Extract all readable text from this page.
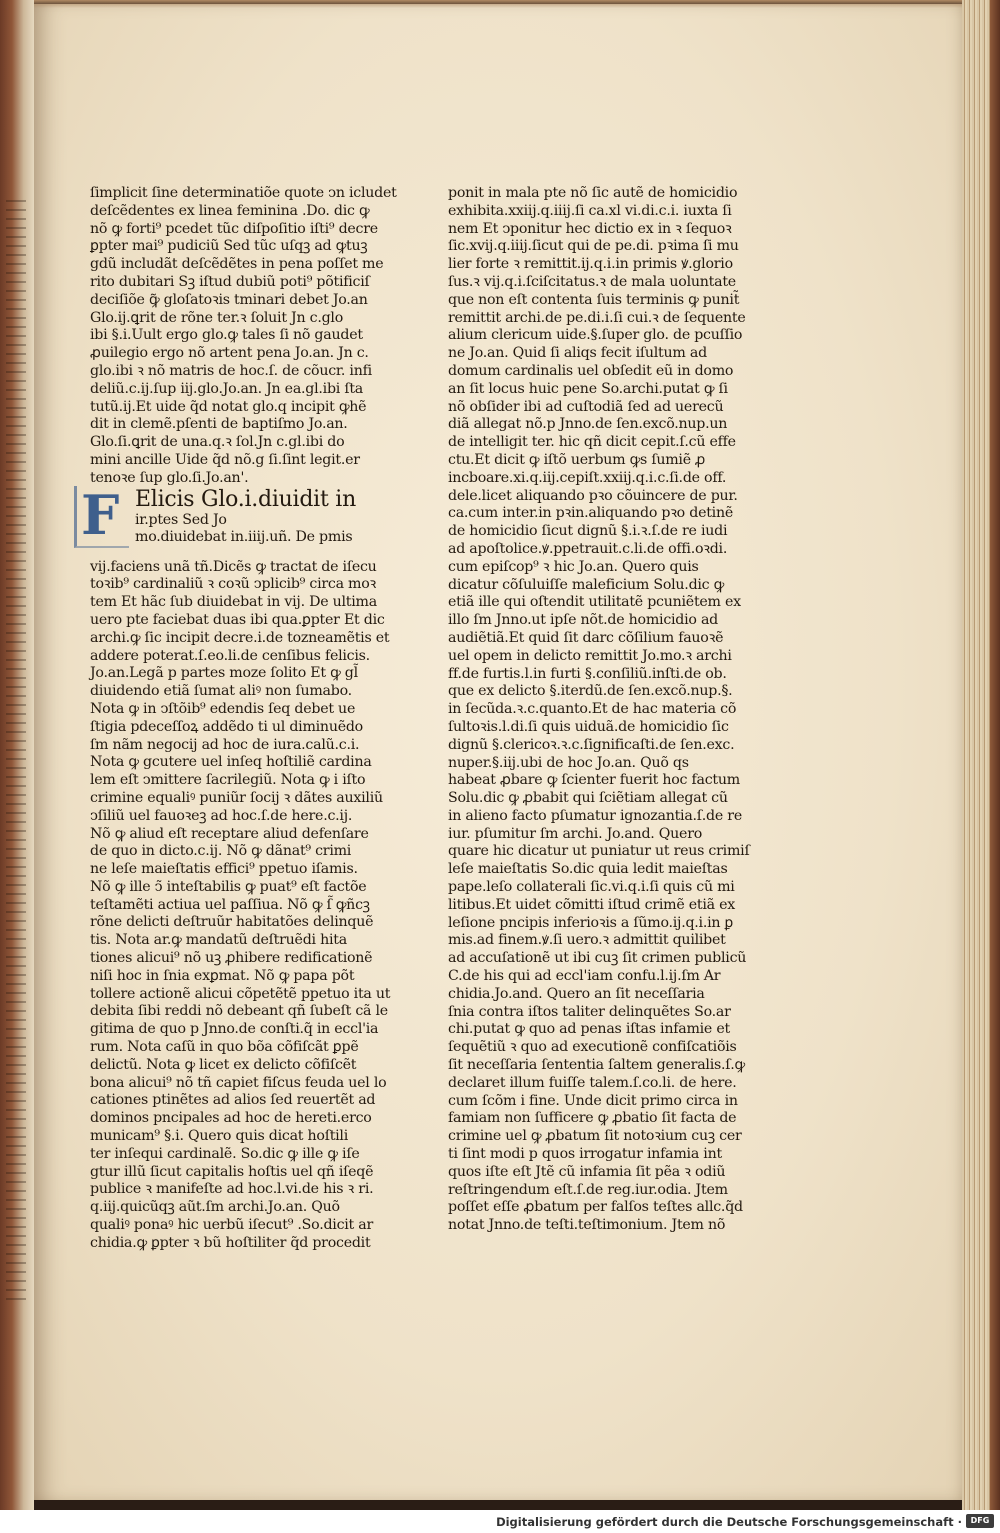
ſimplicit ſine determinatiõe quote ↄn icludet
deſcẽdentes ex linea feminina .Do. dic ꝙ
nõ ꝙ forti⁹ pcedet tũc diſpoſitio iſti⁹ decre
ꝑpter mai⁹ pudiciũ Sed tũc uſqꝫ ad ꝙtuꝫ
gdũ includãt deſcẽdẽtes in pena poſſet me
rito dubitari Sꝫ iſtud dubiũ poti⁹ põtificiſ
deciſiõe ꝙ̃ gloſatoꝛis tminari debet Jo.an
Glo.ij.ꝗrit de rõne ter.ꝛ ſoluit Jn c.glo
ibi §.i.Uult ergo glo.ꝙ tales ſi nõ gaudet
ꝓuilegio ergo nõ artent pena Jo.an. Jn c.
glo.ibi ꝛ nõ matris de hoc.ſ. de cõucr. infi
deliũ.c.ij.ſup iij.glo.Jo.an. Jn ea.gl.ibi ſta
tutũ.ij.Et uide q̃d notat glo.q incipit ꝙhẽ
dit in clemẽ.pſenti de baptiſmo Jo.an.
Glo.ſi.ꝗrit de una.q.ꝛ ſol.Jn c.gl.ibi do
mini ancille Uide q̃d nõ.g ſi.ſint legit.er
tenoꝛe ſup glo.ſi.Jo.an'.
F Elicis Glo.i.diuidit in
ir.ptes Sed Jo
mo.diuidebat in.iiij.uñ. De pmis
vij.faciens unã tñ.Dicẽs ꝙ tractat de iſecu
toꝛib⁹ cardinaliũ ꝛ coꝛũ ↄplicib⁹ circa moꝛ
tem Et hãc ſub diuidebat in vij. De ultima
uero pte faciebat duas ibi qua.ꝑpter Et dic
archi.ꝙ ſic incipit decre.i.de tozneamẽtis et
addere poterat.ſ.eo.li.de cenſibus felicis.
Jo.an.Legã p partes moze ſolito Et ꝙ gl̃
diuidendo etiã ſumat aliꝰ non ſumabo.
Nota ꝙ in ↄſtõib⁹ edendis ſeq debet ue
ſtigia pdeceſſoꝝ addẽdo ti ul diminuẽdo
ſm nãm negocij ad hoc de iura.calũ.c.i.
Nota ꝙ gcutere uel inſeq hoſtiliẽ cardina
lem eſt ↄmittere ſacrilegiũ. Nota ꝙ i iſto
crimine equaliꝰ puniũr ſocij ꝛ dãtes auxiliũ
ↄſiliũ uel fauoꝛeꝫ ad hoc.ſ.de here.c.ij.
Nõ ꝙ aliud eſt receptare aliud defenſare
de quo in dicto.c.ij. Nõ ꝙ dãnat⁹ crimi
ne leſe maieſtatis effici⁹ ppetuo iſamis.
Nõ ꝙ ille ↄ̃ inteſtabilis ꝙ puat⁹ eſt factõe
teſtamẽti actiua uel paſſiua. Nõ ꝙ ſ̃ ꝙñcꝫ
rõne delicti deſtruũr habitatões delinquẽ
tis. Nota ar.ꝙ mandatũ deſtruẽdi hita
tiones alicui⁹ nõ uꝫ ꝓhibere redificationẽ
niſi hoc in ſnia exꝑmat. Nõ ꝙ papa põt
tollere actionẽ alicui cõpetẽtẽ ppetuo ita ut
debita ſibi reddi nõ debeant qñ ſubeſt cã le
gitima de quo p Jnno.de conſti.q̃ in eccl'ia
rum. Nota caſũ in quo bõa cõfiſcãt ꝑpẽ
delictũ. Nota ꝙ licet ex delicto cõfiſcẽt
bona alicui⁹ nõ tñ capiet fiſcus feuda uel lo
cationes ptinẽtes ad alios ſed reuertẽt ad
dominos pncipales ad hoc de hereti.erco
municam⁹ §.i. Quero quis dicat hoſtili
ter inſequi cardinalẽ. So.dic ꝙ ille ꝙ iſe
gtur illũ ſicut capitalis hoſtis uel qñ iſeqẽ
publice ꝛ manifeſte ad hoc.l.vi.de his ꝛ ri.
q.iij.quicũqꝫ aũt.ſm archi.Jo.an. Quõ
qualiꝰ ponaꝰ hic uerbũ iſecut⁹ .So.dicit ar
chidia.ꝙ ꝑpter ꝛ bũ hoſtiliter q̃d procedit
ponit in mala pte nõ ſic autẽ de homicidio
exhibita.xxiij.q.iiij.ſi ca.xl vi.di.c.i. iuxta ſi
nem Et ↄponitur hec dictio ex in ꝛ ſequoꝛ
ſic.xvij.q.iiij.ſicut qui de pe.di. pꝛima ſi mu
lier forte ꝛ remittit.ij.q.i.in primis ꝟ.glorio
ſus.ꝛ vij.q.i.ſciſcitatus.ꝛ de mala uoluntate
que non eſt contenta ſuis terminis ꝙ punit̃
remittit archi.de pe.di.i.ſi cui.ꝛ de ſequente
alium clericum uide.§.ſuper glo. de pcuſſio
ne Jo.an. Quid ſi aliqs fecit iſultum ad
domum cardinalis uel obſedit eũ in domo
an ſit locus huic pene So.archi.putat ꝙ ſi
nõ obſider ibi ad cuſtodiã ſed ad uerecũ
diã allegat nõ.p Jnno.de ſen.excõ.nup.un
de intelligit ter. hic qñ dicit cepit.ſ.cũ effe
ctu.Et dicit ꝙ iſtõ uerbum ꝙs ſumiẽ ꝓ
incboare.xi.q.iij.cepiſt.xxiij.q.i.c.ſi.de off.
dele.licet aliquando pꝛo cõuincere de pur.
ca.cum inter.in pꝛin.aliquando pꝛo detinẽ
de homicidio ſicut dignũ §.i.ꝛ.ſ.de re iudi
ad apoſtolice.ꝟ.ppetrauit.c.li.de offi.oꝛdi.
cum epiſcop⁹ ꝛ hic Jo.an. Quero quis
dicatur cõſuluiſſe maleficium Solu.dic ꝙ
etiã ille qui oſtendit utilitatẽ pcuniẽtem ex
illo ſm Jnno.ut ipſe nõt.de homicidio ad
audiẽtiã.Et quid ſit darc cõſilium fauoꝛẽ
uel opem in delicto remittit Jo.mo.ꝛ archi
ff.de furtis.l.in furti §.conſiliũ.inſti.de ob.
que ex delicto §.iterdũ.de ſen.excõ.nup.§.
in ſecũda.ꝛ.c.quanto.Et de hac materia cõ
ſultoꝛis.l.di.ſi quis uiduã.de homicidio ſic
dignũ §.clericoꝛ.ꝛ.c.ſignificaſti.de ſen.exc.
nuper.§.iij.ubi de hoc Jo.an. Quõ qs
habeat ꝓbare ꝙ ſcienter fuerit hoc factum
Solu.dic ꝙ ꝓbabit qui ſciẽtiam allegat cũ
in alieno facto pſumatur ignozantia.ſ.de re
iur. pſumitur ſm archi. Jo.and. Quero
quare hic dicatur ut puniatur ut reus crimiſ
leſe maieſtatis So.dic quia ledit maieſtas
pape.leſo collaterali ſic.vi.q.i.ſi quis cũ mi
litibus.Et uidet cõmitti iſtud crimẽ etiã ex
leſione pncipis inferioꝛis a ſũmo.ij.q.i.in ꝑ
mis.ad finem.ꝟ.ſi uero.ꝛ admittit quilibet
ad accuſationẽ ut ibi cuꝫ ſit crimen publicũ
C.de his qui ad eccl'iam confu.l.ij.ſm Ar
chidia.Jo.and. Quero an ſit neceſſaria
ſnia contra iſtos taliter delinquẽtes So.ar
chi.putat ꝙ quo ad penas iſtas infamie et
ſequẽtiũ ꝛ quo ad executionẽ confiſcatiõis
ſit neceſſaria ſententia ſaltem generalis.ſ.ꝙ
declaret illum fuiſſe talem.ſ.co.li. de here.
cum ſcõm i fine. Unde dicit primo circa in
famiam non ſufficere ꝙ ꝓbatio ſit facta de
crimine uel ꝙ ꝓbatum ſit notoꝛium cuꝫ cer
ti ſint modi p quos irrogatur infamia int
quos iſte eſt Jtẽ cũ infamia ſit pẽa ꝛ odiũ
reſtringendum eſt.ſ.de reg.iur.odia. Jtem
poſſet eſſe ꝓbatum per falſos teſtes allc.q̃d
notat Jnno.de teſti.teſtimonium. Jtem nõ
Digitalisierung gefördert durch die Deutsche Forschungsgemeinschaft ·	DFG
